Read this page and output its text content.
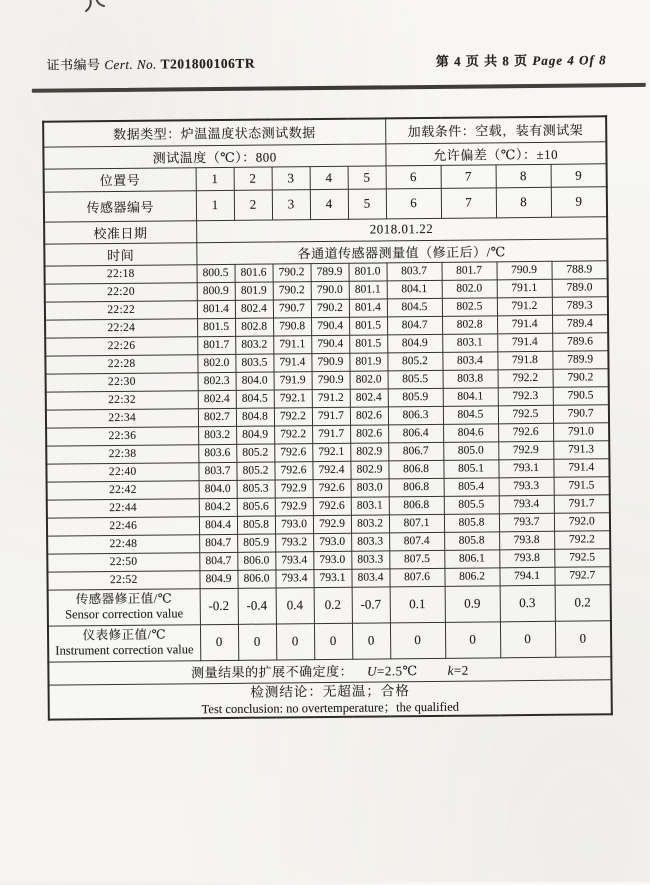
证书编号 Cert. No. T201800106TR	第 4 页 共 8 页 Page 4 Of 8
数据类型：炉温温度状态测试数据						加载条件：空载，装有测试架			
测试温度（℃）：800						允许偏差（℃）：±10			
位置号	1	2	3	4	5	6	7	8	9
传感器编号	1	2	3	4	5	6	7	8	9
校准日期	2018.01.22								
时间	各通道传感器测量值（修正后）/℃								
22:18	800.5	801.6	790.2	789.9	801.0	803.7	801.7	790.9	788.9
22:20	800.9	801.9	790.2	790.0	801.1	804.1	802.0	791.1	789.0
22:22	801.4	802.4	790.7	790.2	801.4	804.5	802.5	791.2	789.3
22:24	801.5	802.8	790.8	790.4	801.5	804.7	802.8	791.4	789.4
22:26	801.7	803.2	791.1	790.4	801.5	804.9	803.1	791.4	789.6
22:28	802.0	803.5	791.4	790.9	801.9	805.2	803.4	791.8	789.9
22:30	802.3	804.0	791.9	790.9	802.0	805.5	803.8	792.2	790.2
22:32	802.4	804.5	792.1	791.2	802.4	805.9	804.1	792.3	790.5
22:34	802.7	804.8	792.2	791.7	802.6	806.3	804.5	792.5	790.7
22:36	803.2	804.9	792.2	791.7	802.6	806.4	804.6	792.6	791.0
22:38	803.6	805.2	792.6	792.1	802.9	806.7	805.0	792.9	791.3
22:40	803.7	805.2	792.6	792.4	802.9	806.8	805.1	793.1	791.4
22:42	804.0	805.3	792.9	792.6	803.0	806.8	805.4	793.3	791.5
22:44	804.2	805.6	792.9	792.6	803.1	806.8	805.5	793.4	791.7
22:46	804.4	805.8	793.0	792.9	803.2	807.1	805.8	793.7	792.0
22:48	804.7	805.9	793.2	793.0	803.3	807.4	805.8	793.8	792.2
22:50	804.7	806.0	793.4	793.0	803.3	807.5	806.1	793.8	792.5
22:52	804.9	806.0	793.4	793.1	803.4	807.6	806.2	794.1	792.7

传感器修正值/℃
Sensor correction value	-0.2	-0.4	0.4	0.2	-0.7	0.1	0.9	0.3	0.2

仪表修正值/℃
Instrument correction value	0	0	0	0	0	0	0	0	0
测量结果的扩展不确定度： U=2.5℃ k=2									

检测结论：无超温；合格
Test conclusion: no overtemperature；the qualified									
